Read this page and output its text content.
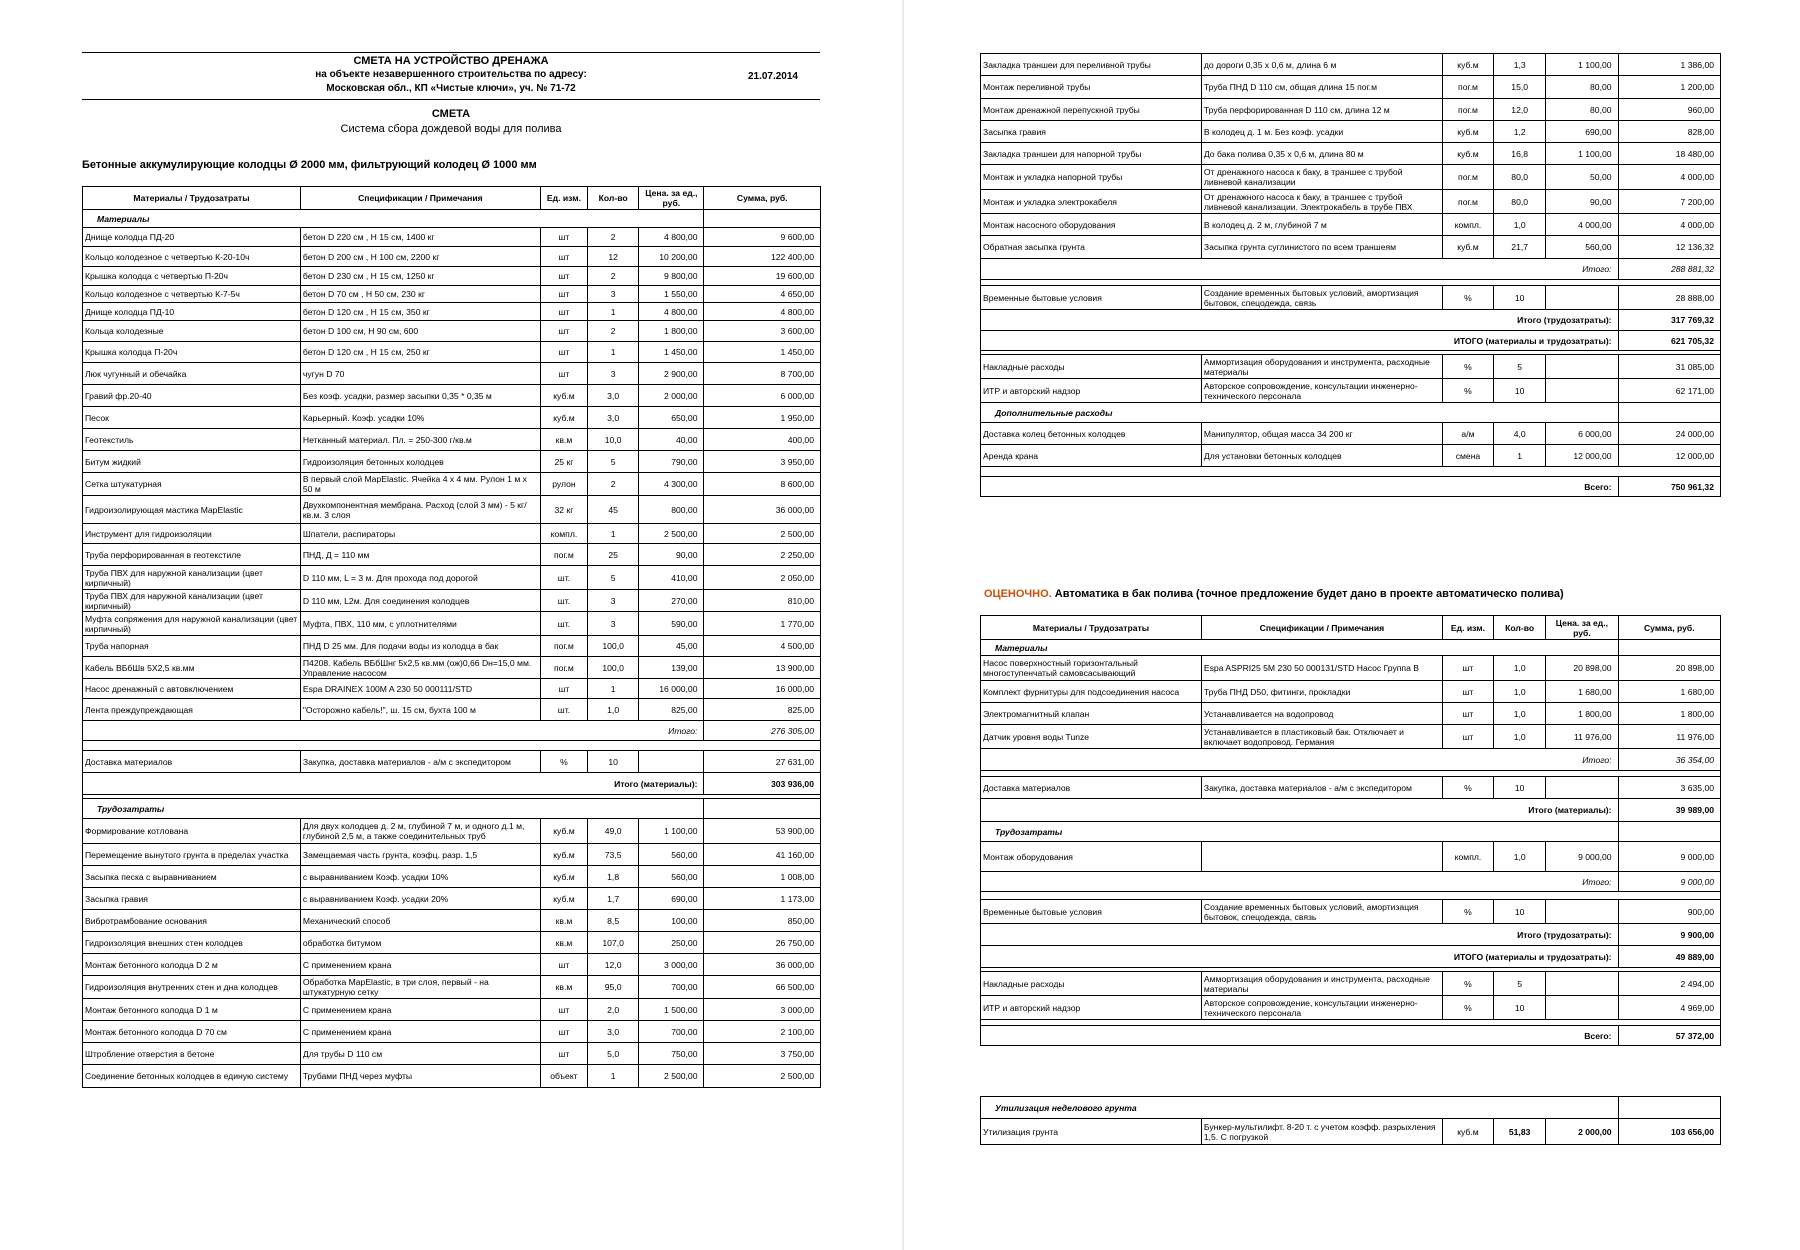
СМЕТА НА УСТРОЙСТВО ДРЕНАЖА
на объекте незавершенного строительства по адресу:
Московская обл., КП «Чистые ключи», уч. № 71-72
21.07.2014
СМЕТА
Система сбора дождевой воды для полива
Бетонные аккумулирующие колодцы Ø 2000 мм, фильтрующий колодец Ø 1000 мм
Материалы / Трудозатраты	Спецификации / Примечания	Ед. изм.	Кол-во	Цена. за ед., руб.	Сумма, руб.
Материалы					
Днище колодца ПД-20	бетон D 220 см , H 15 см, 1400 кг	шт	2	4 800,00	9 600,00
Кольцо колодезное с четвертью К-20-10ч	бетон D 200 см , H 100 см, 2200 кг	шт	12	10 200,00	122 400,00
Крышка колодца с четвертью П-20ч	бетон D 230 см , H 15 см, 1250 кг	шт	2	9 800,00	19 600,00
Кольцо колодезное с четвертью К-7-5ч	бетон D 70 см , H 50 см, 230 кг	шт	3	1 550,00	4 650,00
Днище колодца ПД-10	бетон D 120 см , H 15 см, 350 кг	шт	1	4 800,00	4 800,00
Кольца колодезные	бетон D 100 см, H 90 см, 600	шт	2	1 800,00	3 600,00
Крышка колодца П-20ч	бетон D 120 см , H 15 см, 250 кг	шт	1	1 450,00	1 450,00
Люк чугунный и обечайка	чугун D 70	шт	3	2 900,00	8 700,00
Гравий фр.20-40	Без коэф. усадки, размер засыпки 0,35 * 0,35 м	куб.м	3,0	2 000,00	6 000,00
Песок	Карьерный. Коэф. усадки 10%	куб.м	3,0	650,00	1 950,00
Геотекстиль	Нетканный материал. Пл. = 250-300 г/кв.м	кв.м	10,0	40,00	400,00
Битум жидкий	Гидроизоляция бетонных колодцев	25 кг	5	790,00	3 950,00
Сетка штукатурная	В первый слой MapElastic. Ячейка 4 х 4 мм. Рулон 1 м х 50 м	рулон	2	4 300,00	8 600,00
Гидроизолирующая мастика MapElastic	Двухкомпонентная мембрана. Расход (слой 3 мм) - 5 кг/кв.м. 3 слоя	32 кг	45	800,00	36 000,00
Инструмент для гидроизоляции	Шпатели, распираторы	компл.	1	2 500,00	2 500,00
Труба перфорированная в геотекстиле	ПНД, Д = 110 мм	пог.м	25	90,00	2 250,00
Труба ПВХ для наружной канализации (цвет кирпичный)	D 110 мм, L = 3 м. Для прохода под дорогой	шт.	5	410,00	2 050,00
Труба ПВХ для наружной канализации (цвет кирпичный)	D 110 мм, L2м. Для соединения колодцев	шт.	3	270,00	810,00
Муфта сопряжения для наружной канализации (цвет кирпичный)	Муфта, ПВХ, 110 мм, с уплотнителями	шт.	3	590,00	1 770,00
Труба напорная	ПНД D 25 мм. Для подачи воды из колодца в бак	пог.м	100,0	45,00	4 500,00
Кабель ВБбШв 5Х2,5 кв.мм	П4208. Кабель ВБбШнг 5х2,5 кв.мм (ож)0,66 Dн=15,0 мм. Управление насосом	пог.м	100,0	139,00	13 900,00
Насос дренажный с автовключением	Espa DRAINEX 100M A 230 50 000111/STD	шт	1	16 000,00	16 000,00
Лента преждупреждающая	"Осторожно кабель!", ш. 15 см, бухта 100 м	шт.	1,0	825,00	825,00
Итого:					276 305,00

Доставка материалов	Закупка, доставка материалов - а/м с экспедитором	%	10		27 631,00
Итого (материалы):					303 936,00

Трудозатраты					
Формирование котлована	Для двух колодцев д. 2 м, глубиной 7 м, и одного д.1 м, глубиной 2,5 м, а также соединительных труб	куб.м	49,0	1 100,00	53 900,00
Перемещение вынутого грунта в пределах участка	Замещаемая часть грунта, коэфц. разр. 1,5	куб.м	73,5	560,00	41 160,00
Засыпка песка с выравниванием	с выравниванием Коэф. усадки 10%	куб.м	1,8	560,00	1 008,00
Засыпка гравия	с выравниванием Коэф. усадки 20%	куб.м	1,7	690,00	1 173,00
Вибротрамбование основания	Механический способ	кв.м	8,5	100,00	850,00
Гидроизоляция внешних стен колодцев	обработка битумом	кв.м	107,0	250,00	26 750,00
Монтаж бетонного колодца D 2 м	С применением крана	шт	12,0	3 000,00	36 000,00
Гидроизоляция внутренних стен и дна колодцев	Обработка MapElastic, в три слоя, первый - на штукатурную сетку	кв.м	95,0	700,00	66 500,00
Монтаж бетонного колодца D 1 м	С применением крана	шт	2,0	1 500,00	3 000,00
Монтаж бетонного колодца D 70 см	С применением крана	шт	3,0	700,00	2 100,00
Штробление отверстия в бетоне	Для трубы D 110 см	шт	5,0	750,00	3 750,00
Соединение бетонных колодцев в единую систему	Трубами ПНД через муфты	объект	1	2 500,00	2 500,00
Закладка траншеи для переливной трубы	до дороги 0,35 х 0,6 м, длина 6 м	куб.м	1,3	1 100,00	1 386,00
Монтаж переливной трубы	Труба ПНД D 110 см, общая длина 15 пог.м	пог.м	15,0	80,00	1 200,00
Монтаж дренажной перепускной трубы	Труба перфорированная D 110 см, длина 12 м	пог.м	12,0	80,00	960,00
Засыпка гравия	В колодец д. 1 м. Без коэф. усадки	куб.м	1,2	690,00	828,00
Закладка траншеи для напорной трубы	До бака полива 0,35 х 0,6 м, длина 80 м	куб.м	16,8	1 100,00	18 480,00
Монтаж и укладка напорной трубы	От дренажного насоса к баку, в траншее с трубой ливневой канализации	пог.м	80,0	50,00	4 000,00
Монтаж и укладка электрокабеля	От дренажного насоса к баку, в траншее с трубой ливневой канализации. Электрокабель в трубе ПВХ	пог.м	80,0	90,00	7 200,00
Монтаж насосного оборудования	В колодец д. 2 м, глубиной 7 м	компл.	1,0	4 000,00	4 000,00
Обратная засыпка грунта	Засыпка грунта суглинистого по всем траншеям	куб.м	21,7	560,00	12 136,32
Итого:					288 881,32

Временные бытовые условия	Создание временных бытовых условий, амортизация бытовок, спецодежда, связь	%	10		28 888,00
Итого (трудозатраты):					317 769,32
ИТОГО (материалы и трудозатраты):					621 705,32

Накладные расходы	Аммортизация оборудования и инструмента, расходные материалы	%	5		31 085,00
ИТР и авторский надзор	Авторское сопровождение, консультации инженерно-технического персонала	%	10		62 171,00
Дополнительные расходы					
Доставка колец бетонных колодцев	Манипулятор, общая масса 34 200 кг	а/м	4,0	6 000,00	24 000,00
Аренда крана	Для установки бетонных колодцев	смена	1	12 000,00	12 000,00

Всего:					750 961,32
ОЦЕНОЧНО. Автоматика в бак полива (точное предложение будет дано в проекте автоматическо полива)
Материалы / Трудозатраты	Спецификации / Примечания	Ед. изм.	Кол-во	Цена. за ед., руб.	Сумма, руб.
Материалы					
Насос поверхностный горизонтальный многоступенчатый самовсасывающий	Espa ASPRI25 5M 230 50 000131/STD Насос Группа B	шт	1,0	20 898,00	20 898,00
Комплект фурнитуры для подсоединения насоса	Труба ПНД D50, фитинги, прокладки	шт	1,0	1 680,00	1 680,00
Электромагнитный клапан	Устанавливается на водопровод	шт	1,0	1 800,00	1 800,00
Датчик уровня воды Tunze	Устанавливается в пластиковый бак. Отключает и включает водопровод. Германия	шт	1,0	11 976,00	11 976,00
Итого:					36 354,00

Доставка материалов	Закупка, доставка материалов - а/м с экспедитором	%	10		3 635,00
Итого (материалы):					39 989,00
Трудозатраты					
Монтаж оборудования		компл.	1,0	9 000,00	9 000,00
Итого:					9 000,00

Временные бытовые условия	Создание временных бытовых условий, амортизация бытовок, спецодежда, связь	%	10		900,00
Итого (трудозатраты):					9 900,00
ИТОГО (материалы и трудозатраты):					49 889,00

Накладные расходы	Аммортизация оборудования и инструмента, расходные материалы	%	5		2 494,00
ИТР и авторский надзор	Авторское сопровождение, консультации инженерно-технического персонала	%	10		4 969,00

Всего:					57 372,00
Утилизация неделового грунта					
Утилизация грунта	Бункер-мультилифт. 8-20 т. с учетом коэфф. разрыхления 1,5. С погрузкой	куб.м	51,83	2 000,00	103 656,00
